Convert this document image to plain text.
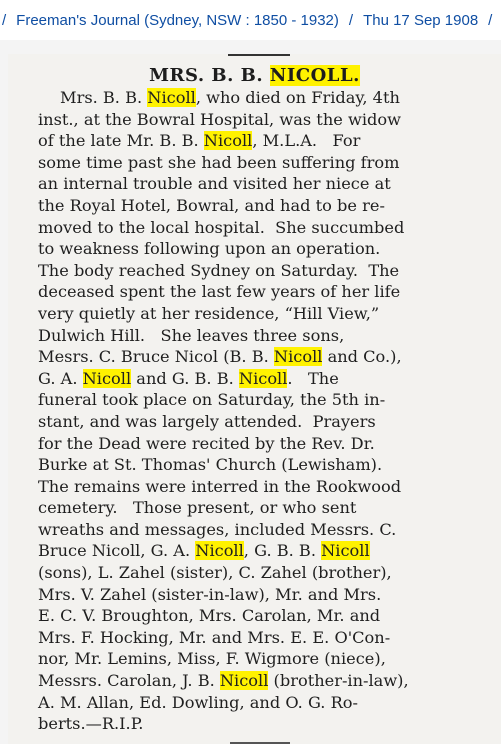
/ Freeman's Journal (Sydney, NSW : 1850 - 1932) / Thu 17 Sep 1908 /
MRS. B. B. NICOLL.
Mrs. B. B. Nicoll, who died on Friday, 4th
inst., at the Bowral Hospital, was the widow
of the late Mr. B. B. Nicoll, M.L.A.   For
some time past she had been suffering from
an internal trouble and visited her niece at
the Royal Hotel, Bowral, and had to be re-
moved to the local hospital.  She succumbed
to weakness following upon an operation.
The body reached Sydney on Saturday.  The
deceased spent the last few years of her life
very quietly at her residence, “Hill View,”
Dulwich Hill.   She leaves three sons,
Mesrs. C. Bruce Nicol (B. B. Nicoll and Co.),
G. A. Nicoll and G. B. B. Nicoll.   The
funeral took place on Saturday, the 5th in-
stant, and was largely attended.  Prayers
for the Dead were recited by the Rev. Dr.
Burke at St. Thomas' Church (Lewisham).
The remains were interred in the Rookwood
cemetery.   Those present, or who sent
wreaths and messages, included Messrs. C.
Bruce Nicoll, G. A. Nicoll, G. B. B. Nicoll
(sons), L. Zahel (sister), C. Zahel (brother),
Mrs. V. Zahel (sister-in-law), Mr. and Mrs.
E. C. V. Broughton, Mrs. Carolan, Mr. and
Mrs. F. Hocking, Mr. and Mrs. E. E. O'Con-
nor, Mr. Lemins, Miss, F. Wigmore (niece),
Messrs. Carolan, J. B. Nicoll (brother-in-law),
A. M. Allan, Ed. Dowling, and O. G. Ro-
berts.—R.I.P.
